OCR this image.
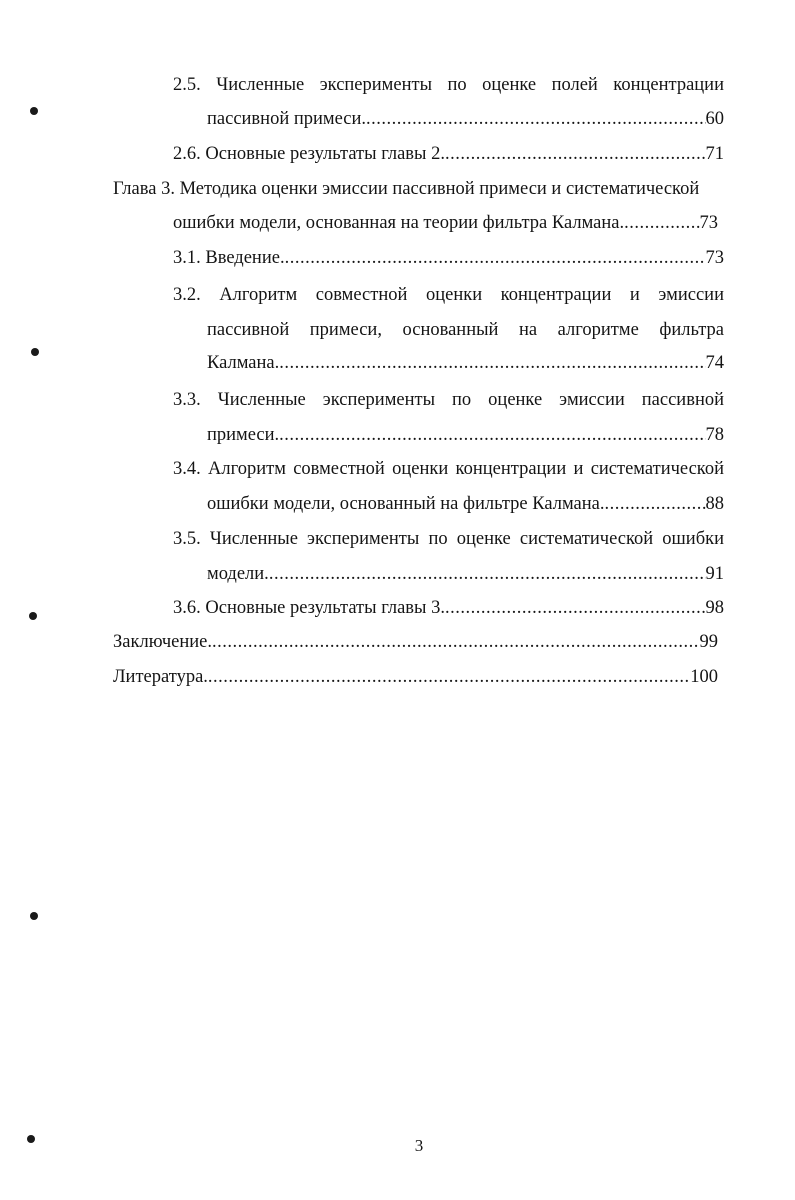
2.5. Численные эксперименты по оценке полей концентрации
пассивной примеси. .....	60
2.6. Основные результаты главы 2. .....	71
Глава 3. Методика оценки эмиссии пассивной примеси и систематической
ошибки модели, основанная на теории фильтра Калмана. .....	73
3.1. Введение. .....	73
3.2. Алгоритм совместной оценки концентрации и эмиссии
пассивной примеси, основанный на алгоритме фильтра
Калмана. .....	74
3.3. Численные эксперименты по оценке эмиссии пассивной
примеси. .....	78
3.4. Алгоритм совместной оценки концентрации и систематической
ошибки модели, основанный на фильтре Калмана. .....	88
3.5. Численные эксперименты по оценке систематической ошибки
модели. .....	91
3.6. Основные результаты главы 3. .....	98
Заключение. .....	99
Литература. .....	100
3
